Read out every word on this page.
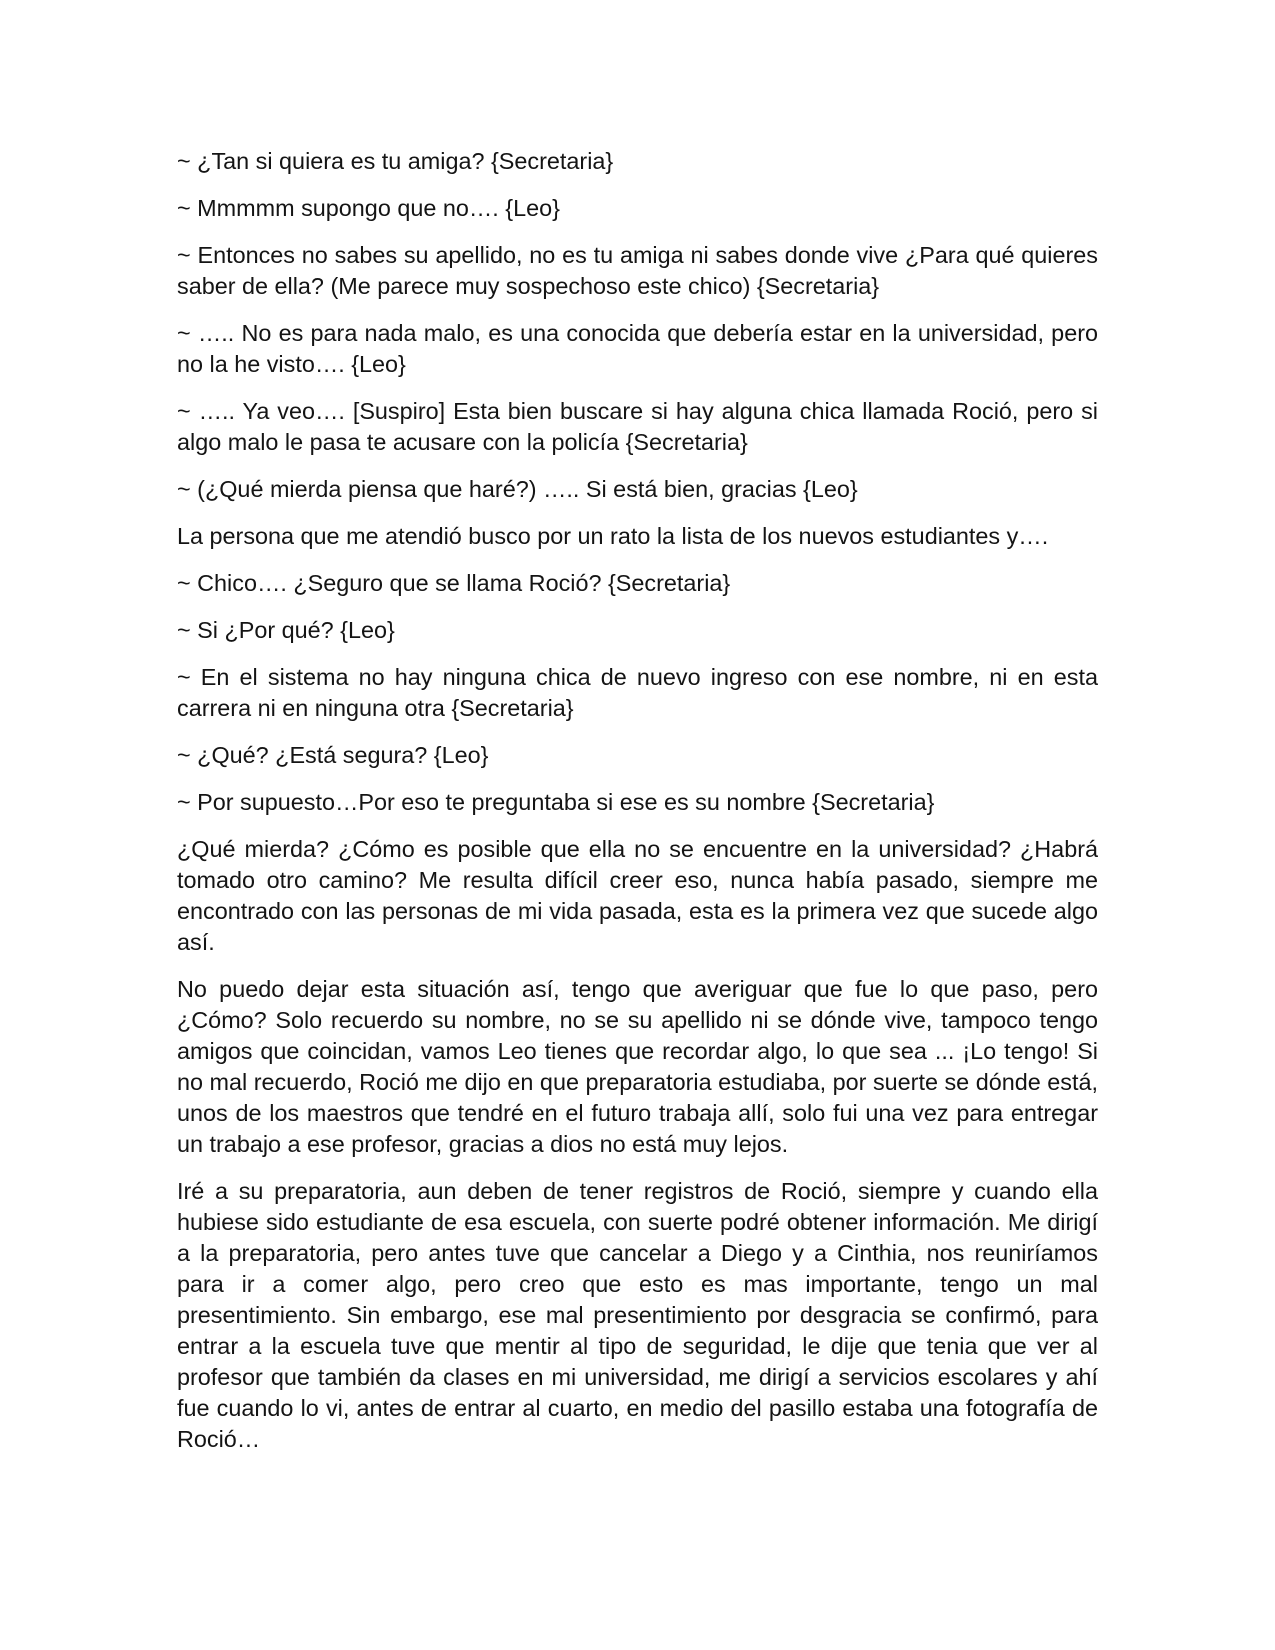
~ ¿Tan si quiera es tu amiga? {Secretaria}

~ Mmmmm supongo que no…. {Leo}

~ Entonces no sabes su apellido, no es tu amiga ni sabes donde vive ¿Para qué quieres saber de ella? (Me parece muy sospechoso este chico) {Secretaria}

~ ….. No es para nada malo, es una conocida que debería estar en la universidad, pero no la he visto…. {Leo}

~ ….. Ya veo…. [Suspiro] Esta bien buscare si hay alguna chica llamada Roció, pero si algo malo le pasa te acusare con la policía {Secretaria}

~ (¿Qué mierda piensa que haré?) ….. Si está bien, gracias {Leo}

La persona que me atendió busco por un rato la lista de los nuevos estudiantes y….

~ Chico…. ¿Seguro que se llama Roció? {Secretaria}

~ Si ¿Por qué? {Leo}

~ En el sistema no hay ninguna chica de nuevo ingreso con ese nombre, ni en esta carrera ni en ninguna otra {Secretaria}

~ ¿Qué? ¿Está segura? {Leo}

~ Por supuesto…Por eso te preguntaba si ese es su nombre {Secretaria}

¿Qué mierda? ¿Cómo es posible que ella no se encuentre en la universidad? ¿Habrá tomado otro camino? Me resulta difícil creer eso, nunca había pasado, siempre me encontrado con las personas de mi vida pasada, esta es la primera vez que sucede algo así.

No puedo dejar esta situación así, tengo que averiguar que fue lo que paso, pero ¿Cómo? Solo recuerdo su nombre, no se su apellido ni se dónde vive, tampoco tengo amigos que coincidan, vamos Leo tienes que recordar algo, lo que sea ... ¡Lo tengo! Si no mal recuerdo, Roció me dijo en que preparatoria estudiaba, por suerte se dónde está, unos de los maestros que tendré en el futuro trabaja allí, solo fui una vez para entregar un trabajo a ese profesor, gracias a dios no está muy lejos.

Iré a su preparatoria, aun deben de tener registros de Roció, siempre y cuando ella hubiese sido estudiante de esa escuela, con suerte podré obtener información. Me dirigí a la preparatoria, pero antes tuve que cancelar a Diego y a Cinthia, nos reuniríamos para ir a comer algo, pero creo que esto es mas importante, tengo un mal presentimiento. Sin embargo, ese mal presentimiento por desgracia se confirmó, para entrar a la escuela tuve que mentir al tipo de seguridad, le dije que tenia que ver al profesor que también da clases en mi universidad, me dirigí a servicios escolares y ahí fue cuando lo vi, antes de entrar al cuarto, en medio del pasillo estaba una fotografía de Roció…
